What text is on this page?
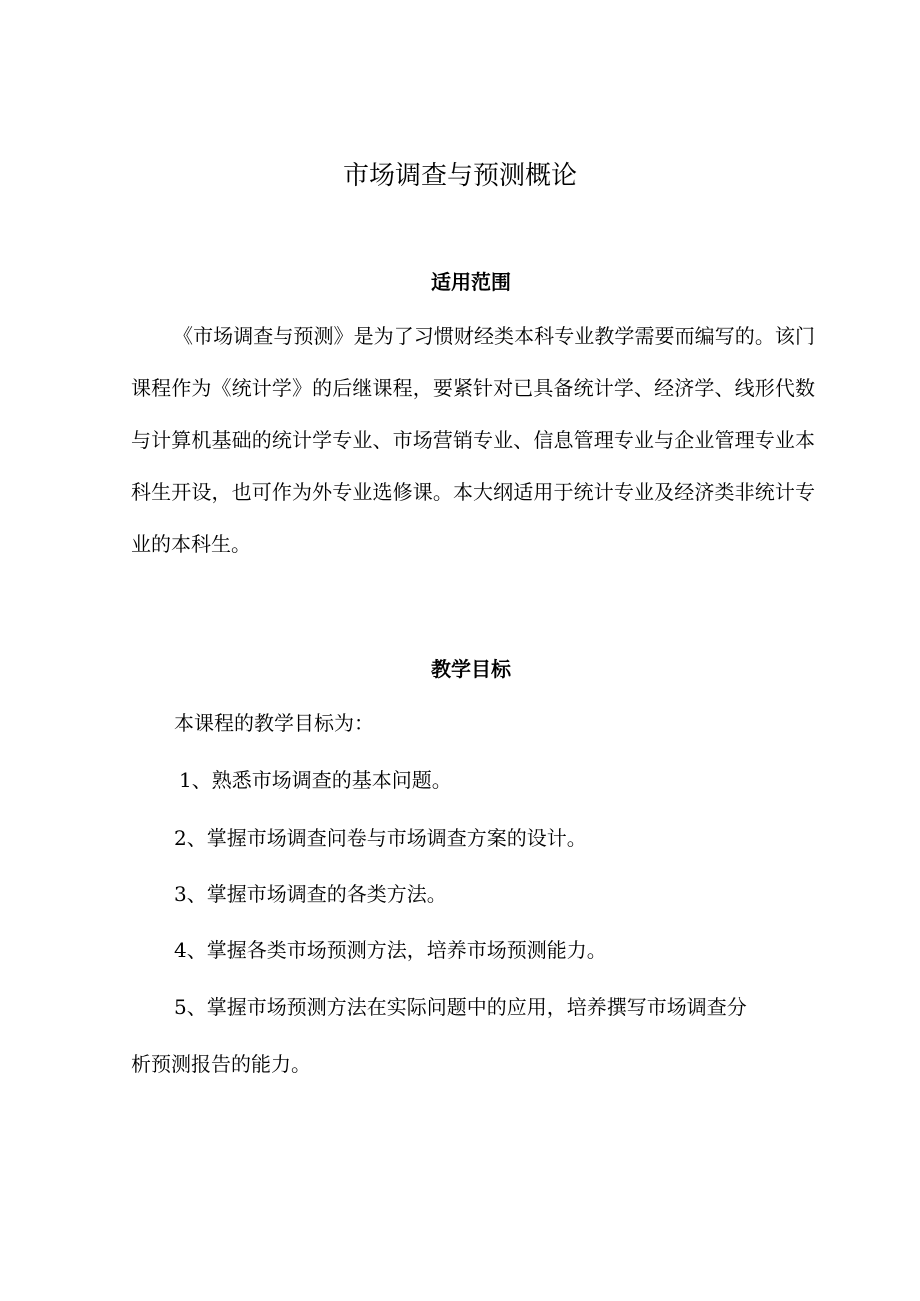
市场调查与预测概论
适用范围

《市场调查与预测》是为了习惯财经类本科专业教学需要而编写的。该门课程作为《统计学》的后继课程，要紧针对已具备统计学、经济学、线形代数与计算机基础的统计学专业、市场营销专业、信息管理专业与企业管理专业本科生开设，也可作为外专业选修课。本大纲适用于统计专业及经济类非统计专业的本科生。

教学目标

本课程的教学目标为：

1、熟悉市场调查的基本问题。

2、掌握市场调查问卷与市场调查方案的设计。

3、掌握市场调查的各类方法。

4、掌握各类市场预测方法，培养市场预测能力。

5、掌握市场预测方法在实际问题中的应用，培养撰写市场调查分

析预测报告的能力。
